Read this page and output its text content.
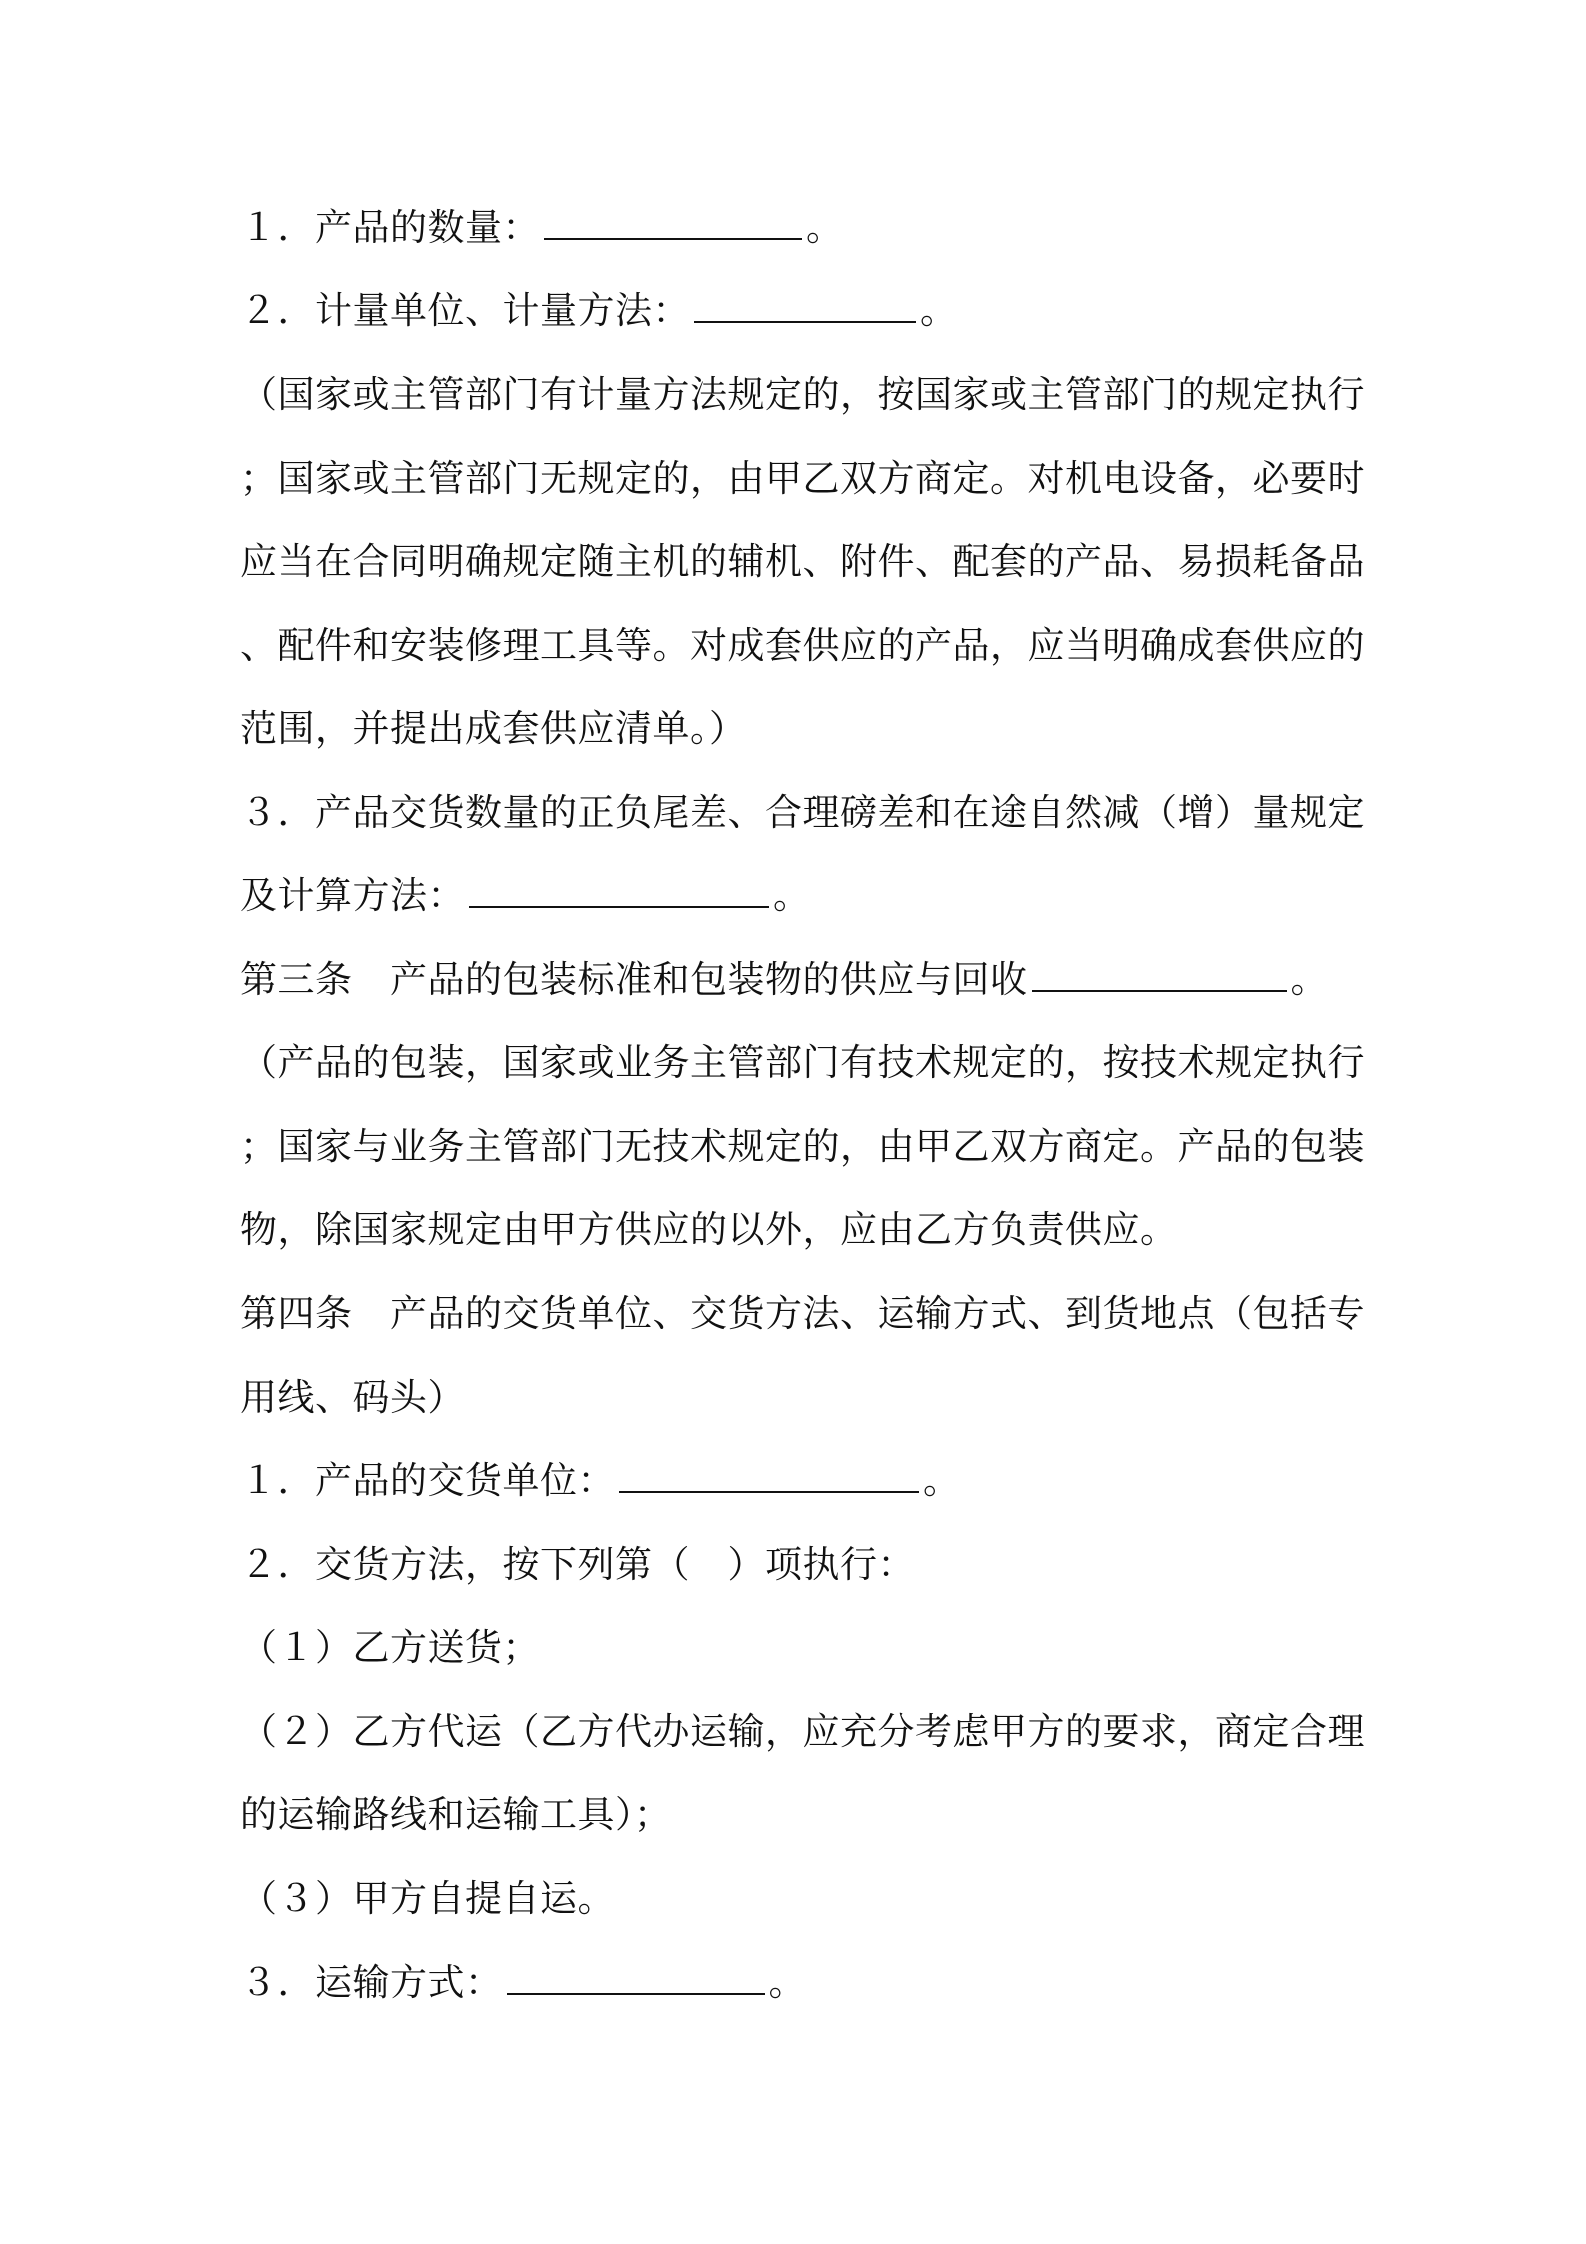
１．产品的数量：	。
２．计量单位、计量方法：	。
（国家或主管部门有计量方法规定的，按国家或主管部门的规定执行
；国家或主管部门无规定的，由甲乙双方商定。对机电设备，必要时
应当在合同明确规定随主机的辅机、附件、配套的产品、易损耗备品
、配件和安装修理工具等。对成套供应的产品，应当明确成套供应的
范围，并提出成套供应清单。）
３．产品交货数量的正负尾差、合理磅差和在途自然减（增）量规定
及计算方法：	。
第三条　产品的包装标准和包装物的供应与回收	。
（产品的包装，国家或业务主管部门有技术规定的，按技术规定执行
；国家与业务主管部门无技术规定的，由甲乙双方商定。产品的包装
物，除国家规定由甲方供应的以外，应由乙方负责供应。
第四条　产品的交货单位、交货方法、运输方式、到货地点（包括专
用线、码头）
１．产品的交货单位：	。
２．交货方法，按下列第（　）项执行：
（１）乙方送货；
（２）乙方代运（乙方代办运输，应充分考虑甲方的要求，商定合理
的运输路线和运输工具）；
（３）甲方自提自运。
３．运输方式：	。
